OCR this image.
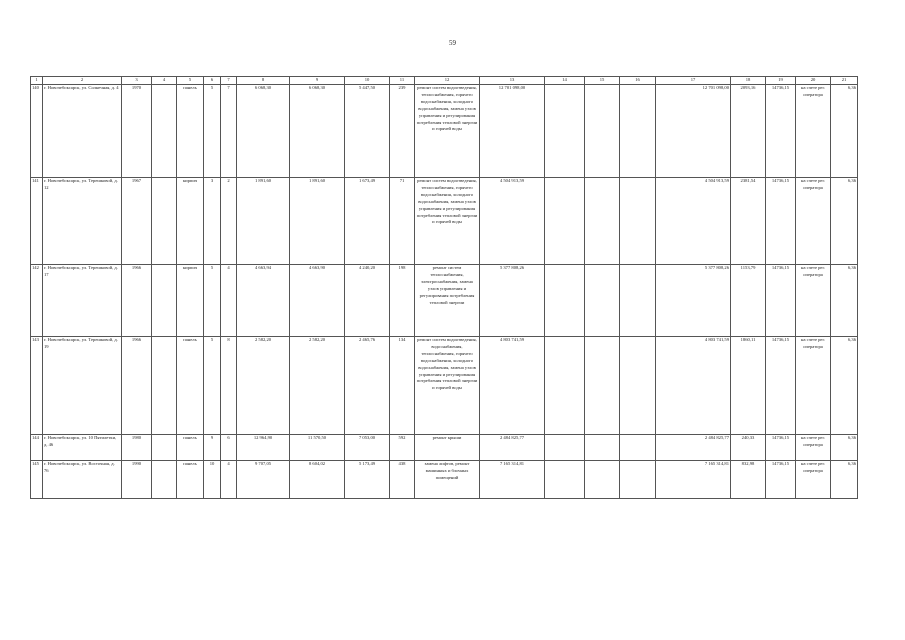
59
1	2	3	4	5	6	7	8	9	10	11	12	13	14	15	16	17	18	19	20	21
140	г. Новочебоксарск, ул. Солнечная, д. 4	1970		панель	5	7	6 068,30	6 068,30	5 447,50	239	ремонт систем водоотведения, теплоснабжения, горячего водоснабжения, холодного водоснабжения, замена узлов управления и регулирования потребления тепловой энергии и горячей воды	12 701 098,00				12 701 098,00	2093,16	14736,15	на счете рег. оператора	6,36
141	г. Новочебоксарск, ул. Терешковой, д. 12	1967		кирпич	3	2	1 891,60	1 891,60	1 673,49	71	ремонт систем водоотведения, теплоснабжения, горячего водоснабжения, холодного водоснабжения, замена узлов управления и регулирования потребления тепловой энергии и горячей воды	4 504 913,59				4 504 913,59	2381,54	14736,15	на счете рег. оператора	6,36
142	г. Новочебоксарск, ул. Терешковой, д. 17	1966		кирпич	5	4	4 663,94	4 663,90	4 240,20	198	ремонт систем теплоснабжения, электроснабжения, замена узлов управления и регулирования потребления тепловой энергии	5 377 808,26				5 377 808,26	1153,79	14736,15	на счете рег. оператора	6,36
143	г. Новочебоксарск, ул. Терешковой, д. 19	1966		панель	5	8	2 582,20	2 582,20	2 465,76	134	ремонт систем водоотведения, водоснабжения, теплоснабжения, горячего водоснабжения, холодного водоснабжения, замена узлов управления и регулирования потребления тепловой энергии и горячей воды	4 803 741,59				4 803 741,59	1860,11	14736,15	на счете рег. оператора	6,36
144	г. Новочебоксарск, ул. 10 Пятилетки, д. 46	1980		панель	9	6	12 964,90	11 570,50	7 053,00	592	ремонт крыши	2 484 825,77				2 484 825,77	240,33	14736,15	на счете рег. оператора	6,36
145	г. Новочебоксарск, ул. Восточная, д. 76	1990		панель	10	4	9 707,05	8 604,02	5 173,49	438	замена лифтов, ремонт машинных и блочных помещений	7 165 314,81				7 165 314,81	832,98	14736,15	на счете рег. оператора	6,36
